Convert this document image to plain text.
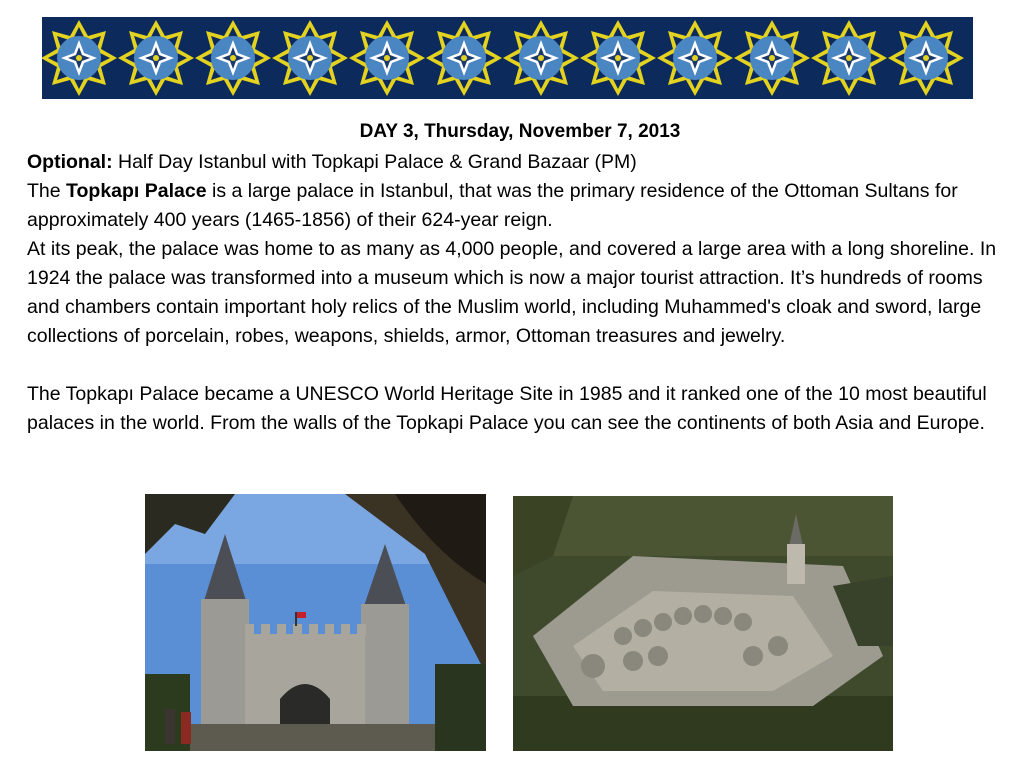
DAY 3, Thursday, November 7, 2013

Optional: Half Day Istanbul with Topkapi Palace & Grand Bazaar (PM)

The Topkapı Palace is a large palace in Istanbul, that was the primary residence of the Ottoman Sultans for approximately 400 years (1465-1856) of their 624-year reign.

At its peak, the palace was home to as many as 4,000 people, and covered a large area with a long shoreline. In 1924 the palace was transformed into a museum which is now a major tourist attraction. It’s hundreds of rooms and chambers contain important holy relics of the Muslim world, including Muhammed's cloak and sword, large collections of porcelain, robes, weapons, shields, armor, Ottoman treasures and jewelry.

The Topkapı Palace became a UNESCO World Heritage Site in 1985 and it ranked one of the 10 most beautiful palaces in the world. From the walls of the Topkapi Palace you can see the continents of both Asia and Europe.
